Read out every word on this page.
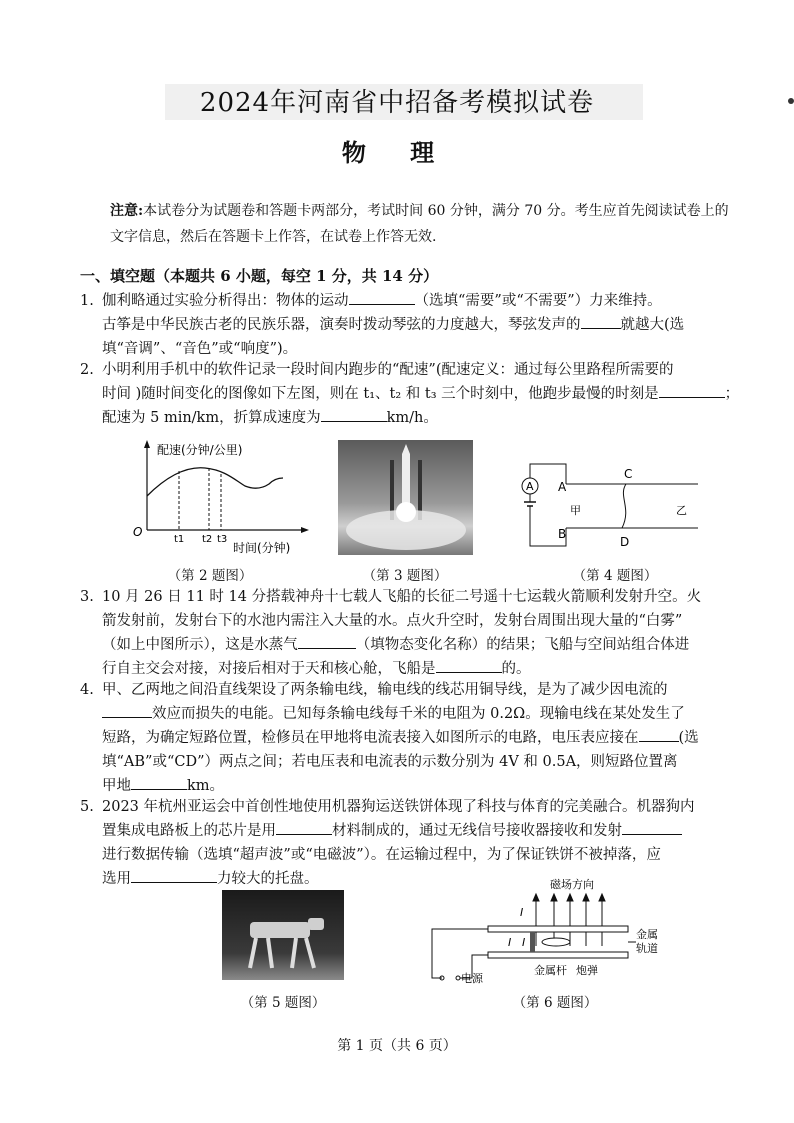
2024年河南省中招备考模拟试卷
物 理
注意:本试卷分为试题卷和答题卡两部分，考试时间 60 分钟，满分 70 分。考生应首先阅读试卷上的文字信息，然后在答题卡上作答，在试卷上作答无效.
一、填空题（本题共 6 小题，每空 1 分，共 14 分）
1. 伽利略通过实验分析得出：物体的运动	（选填“需要”或“不需要”）力来维持。
古筝是中华民族古老的民族乐器，演奏时拨动琴弦的力度越大，琴弦发声的	就越大(选
填“音调”、“音色”或“响度”)。
2. 小明利用手机中的软件记录一段时间内跑步的“配速”(配速定义：通过每公里路程所需要的
时间 )随时间变化的图像如下左图，则在 t₁、t₂ 和 t₃ 三个时刻中，他跑步最慢的时刻是	；
配速为 5 min/km，折算成速度为	km/h。
配速(分钟/公里)
O
t1 t2 t3
时间(分钟)
（第 2 题图）	（第 3 题图）
A A
B
C
D
甲	乙
（第 4 题图）
3. 10 月 26 日 11 时 14 分搭载神舟十七载人飞船的长征二号遥十七运载火箭顺利发射升空。火
箭发射前，发射台下的水池内需注入大量的水。点火升空时，发射台周围出现大量的“白雾”
（如上中图所示），这是水蒸气	（填物态变化名称）的结果；飞船与空间站组合体进
行自主交会对接，对接后相对于天和核心舱，飞船是	的。
4. 甲、乙两地之间沿直线架设了两条输电线，输电线的线芯用铜导线，是为了减少因电流的
效应而损失的电能。已知每条输电线每千米的电阻为 0.2Ω。现输电线在某处发生了
短路，为确定短路位置，检修员在甲地将电流表接入如图所示的电路，电压表应接在	(选
填“AB”或“CD”）两点之间；若电压表和电流表的示数分别为 4V 和 0.5A，则短路位置离
甲地	km。
5. 2023 年杭州亚运会中首创性地使用机器狗运送铁饼体现了科技与体育的完美融合。机器狗内
置集成电路板上的芯片是用	材料制成的，通过无线信号接收器接收和发射
进行数据传输（选填“超声波”或“电磁波”）。在运输过程中，为了保证铁饼不被掉落，应
选用	力较大的托盘。
（第 5 题图）
磁场方向
电源
I
I I
金属
轨道
金属杆 炮弹
（第 6 题图）
第 1 页（共 6 页）
